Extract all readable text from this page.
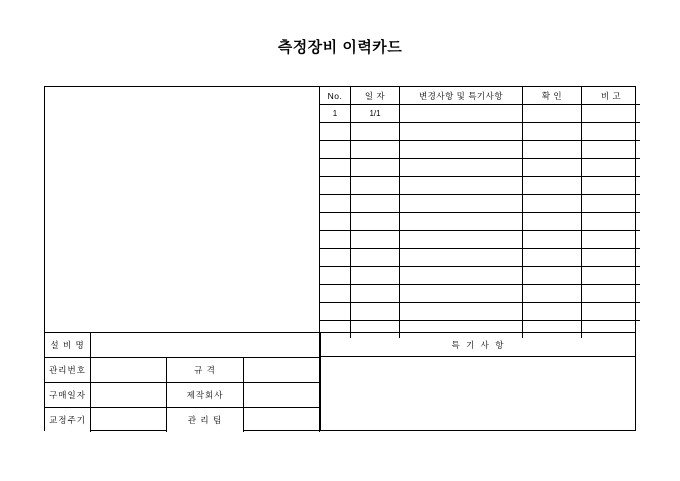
측정장비 이력카드
No.	일 자	변경사항 및 특기사항	확 인	비 고
1	1/1			

설 비 명			
관리번호		규 격	
구매일자		제작회사	
교정주기		관 리 팀	
특 기 사 항
